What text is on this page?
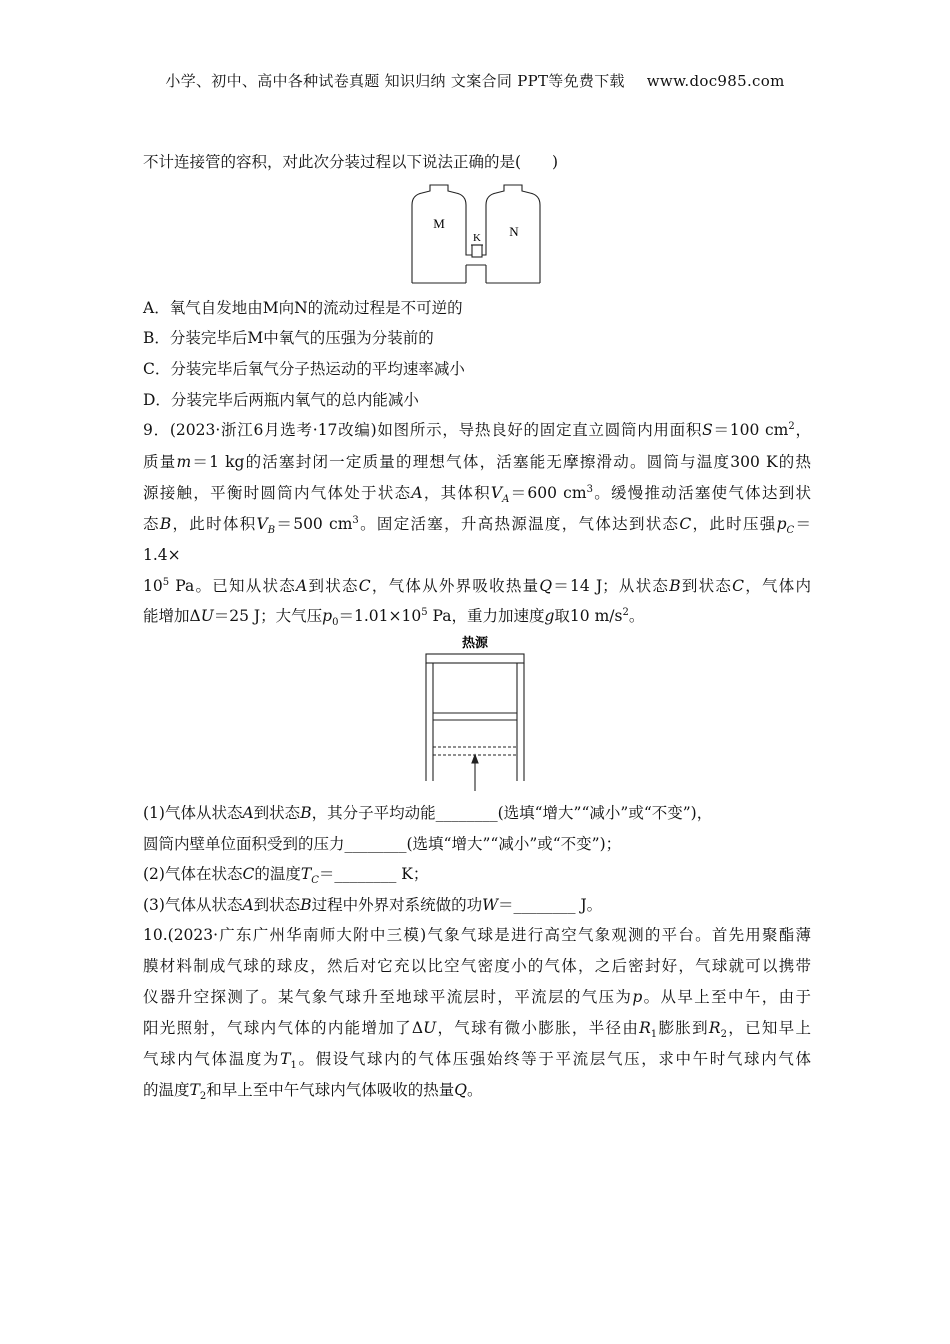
小学、初中、高中各种试卷真题 知识归纳 文案合同 PPT等免费下载 www.doc985.com
不计连接管的容积，对此次分装过程以下说法正确的是(　　)
M
K N
A．氧气自发地由M向N的流动过程是不可逆的
B．分装完毕后M中氧气的压强为分装前的
C．分装完毕后氧气分子热运动的平均速率减小
D．分装完毕后两瓶内氧气的总内能减小
9．(2023·浙江6月选考·17改编)如图所示，导热良好的固定直立圆筒内用面积S＝100 $cm^2$，
质量m＝1 kg的活塞封闭一定质量的理想气体，活塞能无摩擦滑动。圆筒与温度300 K的热
源接触，平衡时圆筒内气体处于状态A，其体积$V_A=600$ $cm^3$。缓慢推动活塞使气体达到状
态B，此时体积$V_B=500$ $cm^3$。固定活塞，升高热源温度，气体达到状态C，此时压强$p_C=$
1.4×
$10^5$ Pa。已知从状态A到状态C，气体从外界吸收热量Q＝14 J；从状态B到状态C，气体内
能增加ΔU＝25 J；大气压$p_0=1.01\times 10^5$ Pa，重力加速度g取10 $m/s^2$。
热源
(1)气体从状态A到状态B，其分子平均动能________(选填“增大”“减小”或“不变”)，
圆筒内壁单位面积受到的压力________(选填“增大”“减小”或“不变”)；
(2)气体在状态C的温度$T_C=\_\_\_\_\_\_\_\_$ K；
(3)气体从状态A到状态B过程中外界对系统做的功W＝________ J。
10.(2023·广东广州华南师大附中三模)气象气球是进行高空气象观测的平台。首先用聚酯薄
膜材料制成气球的球皮，然后对它充以比空气密度小的气体，之后密封好，气球就可以携带
仪器升空探测了。某气象气球升至地球平流层时，平流层的气压为p。从早上至中午，由于
阳光照射，气球内气体的内能增加了ΔU，气球有微小膨胀，半径由$R_1$膨胀到$R_2$，已知早上
气球内气体温度为$T_1$。假设气球内的气体压强始终等于平流层气压，求中午时气球内气体
的温度$T_2$和早上至中午气球内气体吸收的热量Q。
